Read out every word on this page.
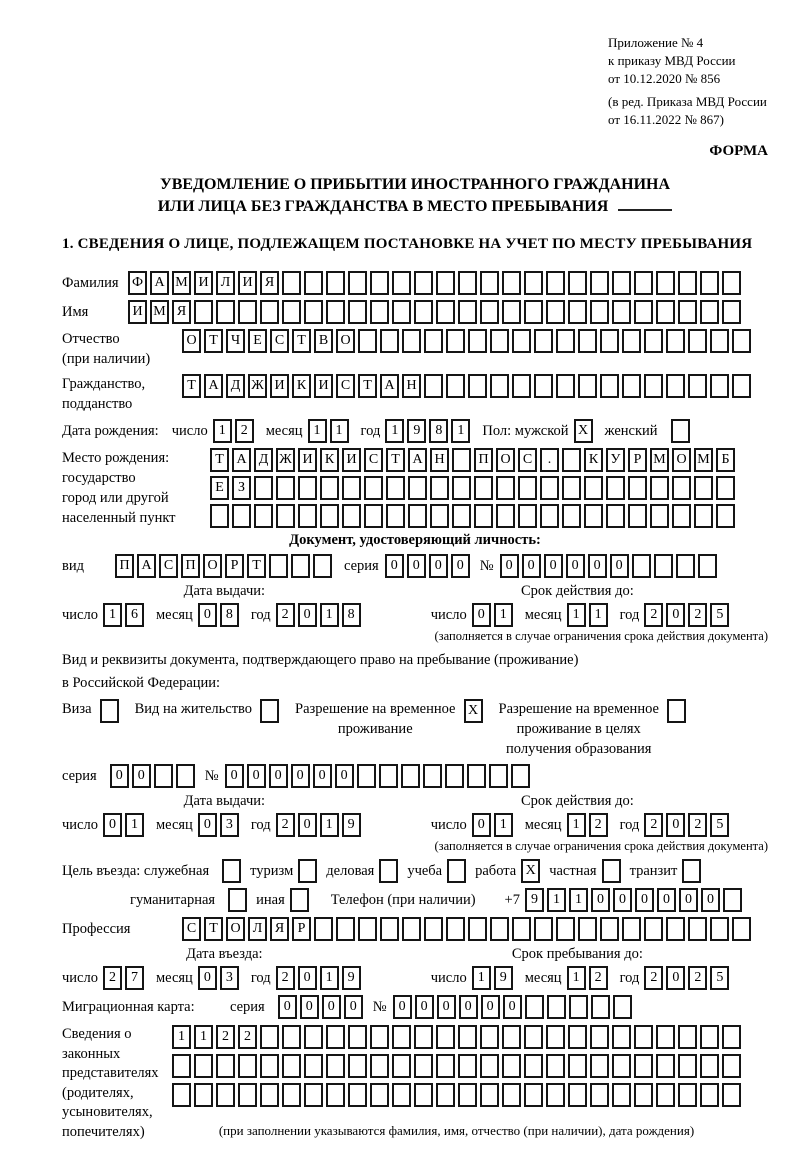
Приложение № 4
к приказу МВД России
от 10.12.2020 № 856
(в ред. Приказа МВД России
от 16.11.2022 № 867)
ФОРМА
УВЕДОМЛЕНИЕ О ПРИБЫТИИ ИНОСТРАННОГО ГРАЖДАНИНА
ИЛИ ЛИЦА БЕЗ ГРАЖДАНСТВА В МЕСТО ПРЕБЫВАНИЯ
1. СВЕДЕНИЯ О ЛИЦЕ, ПОДЛЕЖАЩЕМ ПОСТАНОВКЕ НА УЧЕТ ПО МЕСТУ ПРЕБЫВАНИЯ
Фамилия Ф А М И Л И Я
Имя	И М Я
Отчество
(при наличии)
О Т Ч Е С Т В О
Гражданство,
подданство
Т А Д Ж И К И С Т А Н
Дата рождения: число 1	2	месяц 1	1	год 1	9	8	1	Пол: мужской X	женский
Место рождения:
государство
город или другой
населенный пункт
Т А Д Ж И К И С Т А Н	П О С	.	К У Р М О М Б
Е	З
Документ, удостоверяющий личность:
вид	П А С П О Р Т	серия 0	0	0	0	№ 0	0	0	0	0	0
Дата выдачи:	Срок действия до:
число 1	6	месяц 0	8	год 2	0	1	8	число 0	1	месяц 1	1	год 2	0	2	5
(заполняется в случае ограничения срока действия документа)
Вид и реквизиты документа, подтверждающего право на пребывание (проживание)
в Российской Федерации:
Виза	Вид на жительство	Разрешение на временное
проживание
X	Разрешение на временное
проживание в целях
получения образования
серия	0	0	№ 0	0	0	0	0	0
Дата выдачи:	Срок действия до:
число 0	1	месяц 0	3	год 2	0	1	9	число 0	1	месяц 1	2	год 2	0	2	5
(заполняется в случае ограничения срока действия документа)
Цель въезда: служебная	туризм деловая учеба работа X частная транзит
гуманитарная	иная	Телефон (при наличии) +7 9	1	1	0	0	0	0	0	0
Профессия	С Т О Л Я Р
Дата въезда:	Срок пребывания до:
число 2	7	месяц 0	3	год 2	0	1	9	число 1	9	месяц 1	2	год 2	0	2	5
Миграционная карта:	серия	0	0	0	0	№ 0	0	0	0	0	0
Сведения о
законных
представителях
(родителях,
усыновителях,
попечителях)
1	1	2	2
(при заполнении указываются фамилия, имя, отчество (при наличии), дата рождения)
